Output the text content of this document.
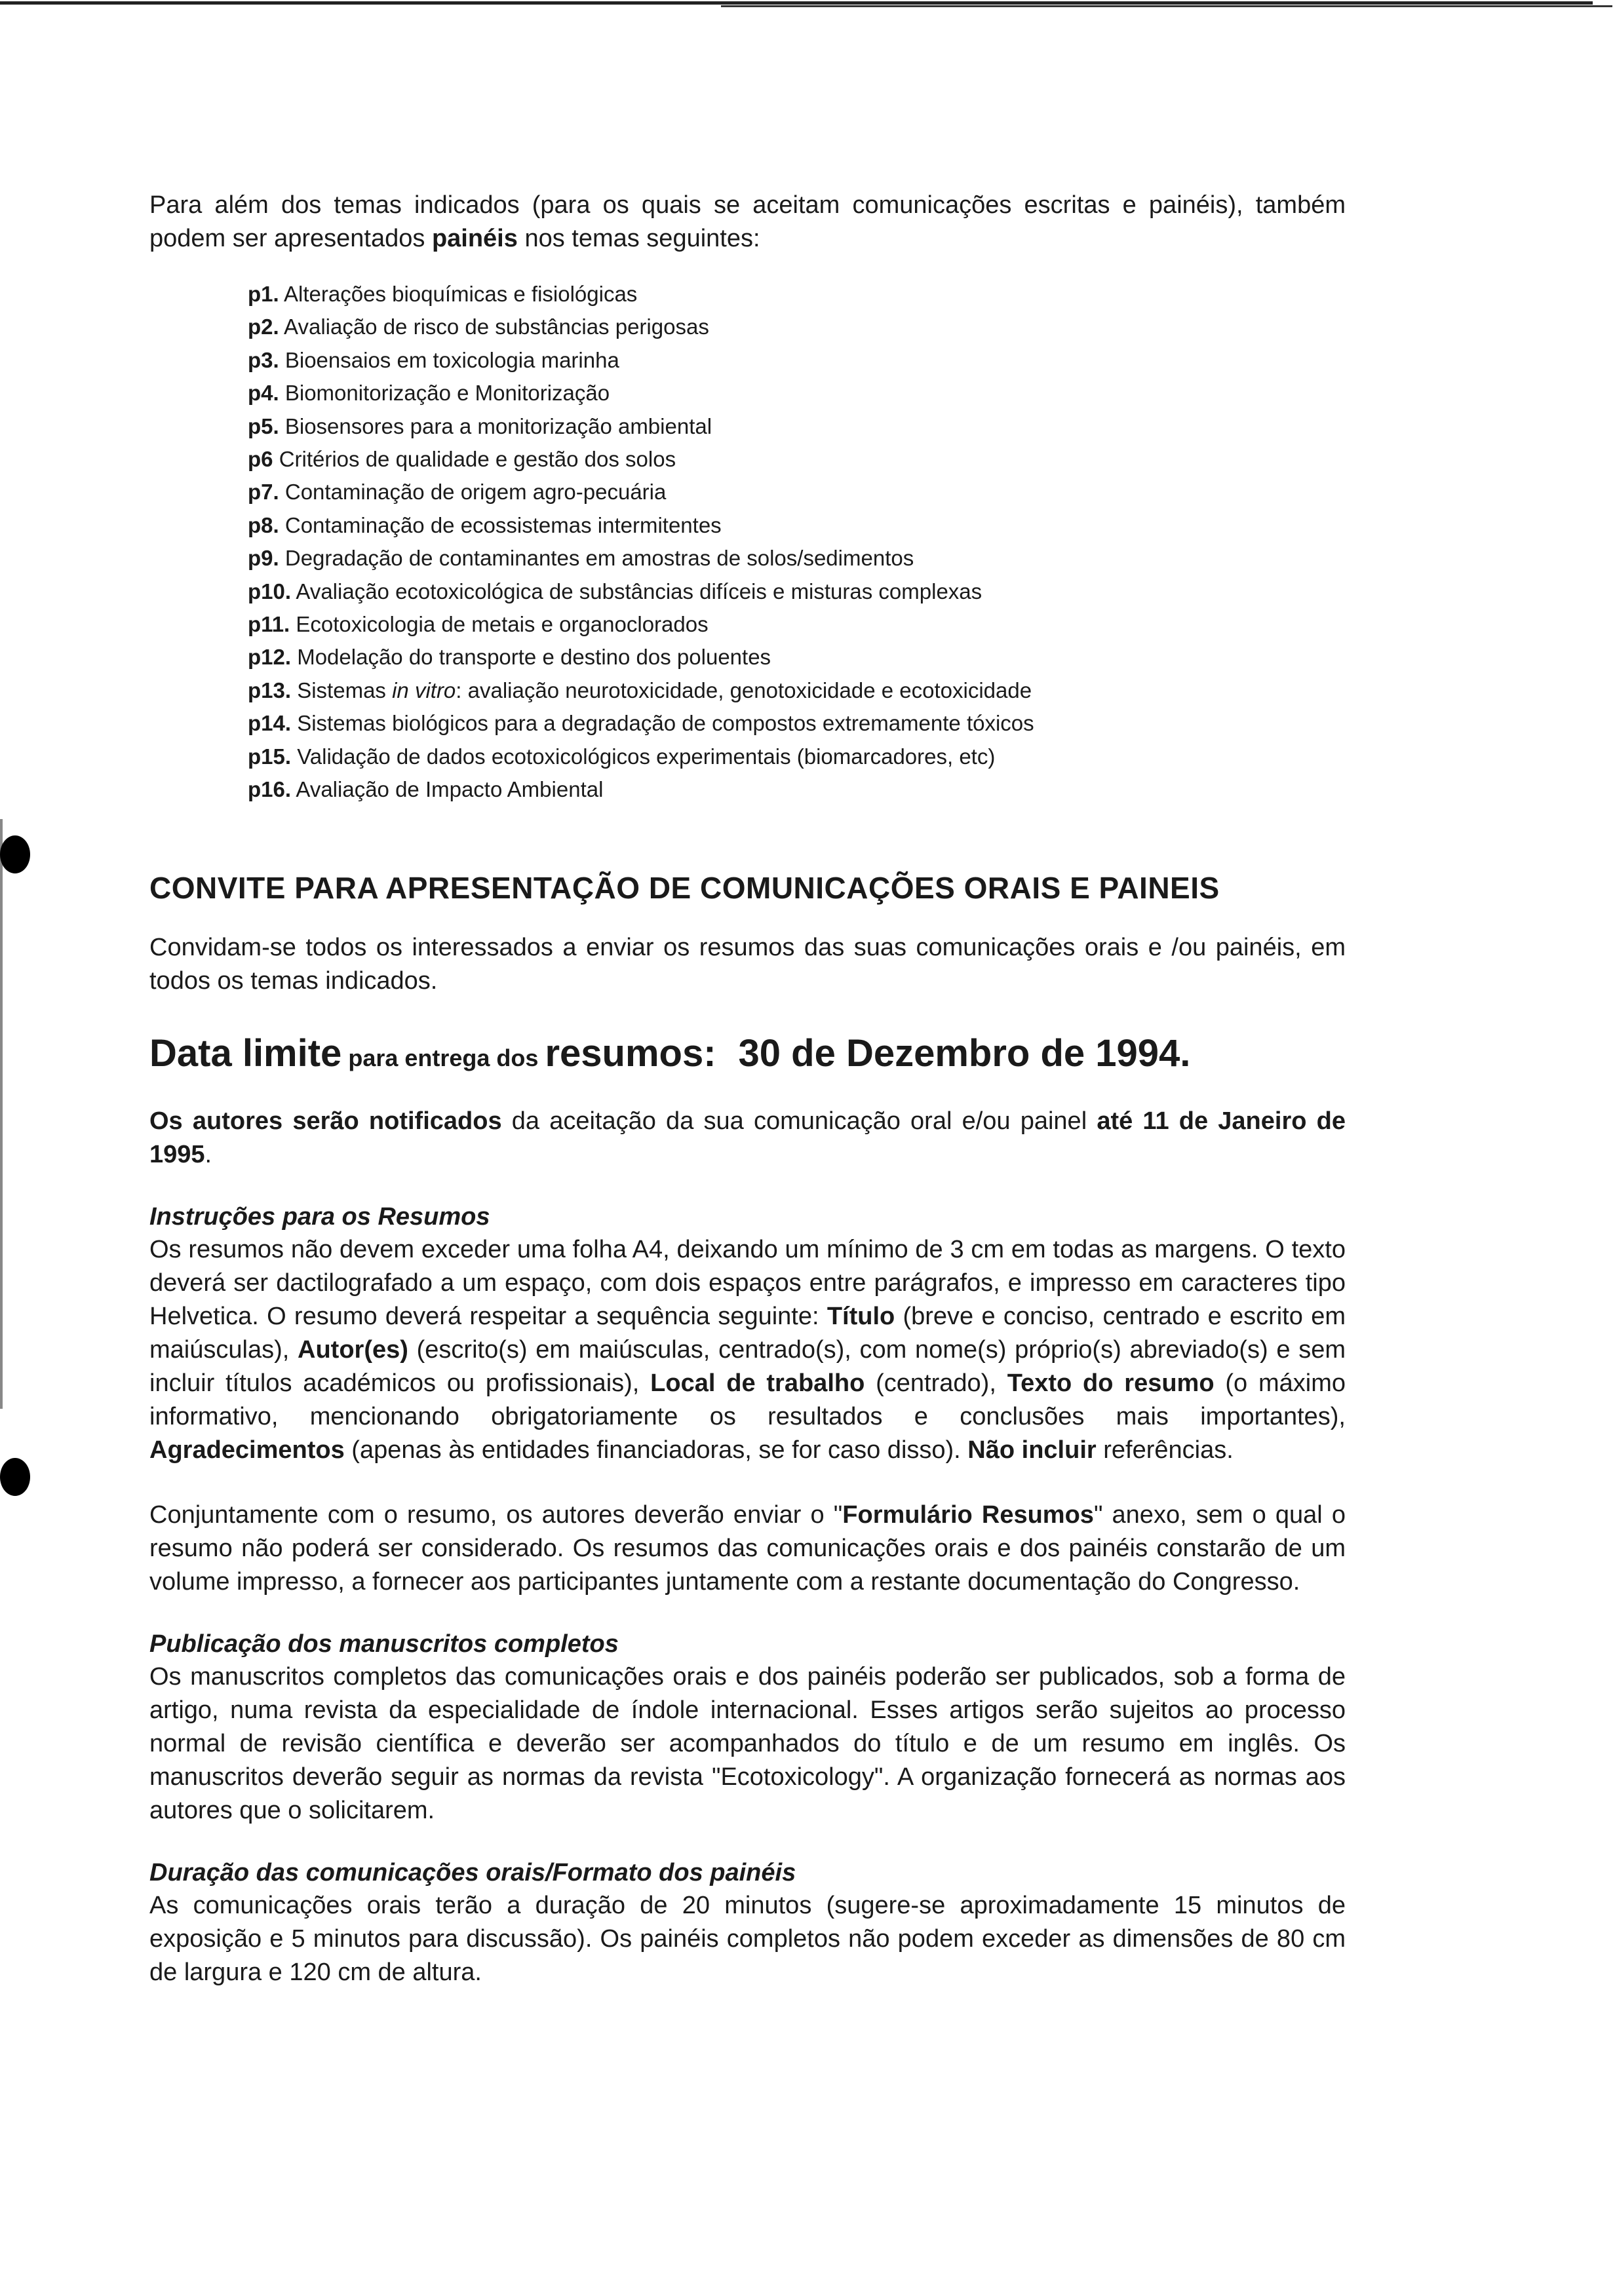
Para além dos temas indicados (para os quais se aceitam comunicações escritas e painéis), também podem ser apresentados painéis nos temas seguintes:

p1. Alterações bioquímicas e fisiológicas
p2. Avaliação de risco de substâncias perigosas
p3. Bioensaios em toxicologia marinha
p4. Biomonitorização e Monitorização
p5. Biosensores para a monitorização ambiental
p6 Critérios de qualidade e gestão dos solos
p7. Contaminação de origem agro-pecuária
p8. Contaminação de ecossistemas intermitentes
p9. Degradação de contaminantes em amostras de solos/sedimentos
p10. Avaliação ecotoxicológica de substâncias difíceis e misturas complexas
p11. Ecotoxicologia de metais e organoclorados
p12. Modelação do transporte e destino dos poluentes
p13. Sistemas in vitro: avaliação neurotoxicidade, genotoxicidade e ecotoxicidade
p14. Sistemas biológicos para a degradação de compostos extremamente tóxicos
p15. Validação de dados ecotoxicológicos experimentais (biomarcadores, etc)
p16. Avaliação de Impacto Ambiental

CONVITE PARA APRESENTAÇÃO DE COMUNICAÇÕES ORAIS E PAINEIS

Convidam-se todos os interessados a enviar os resumos das suas comunicações orais e /ou painéis, em todos os temas indicados.

Data limite para entrega dos resumos: 30 de Dezembro de 1994.

Os autores serão notificados da aceitação da sua comunicação oral e/ou painel até 11 de Janeiro de 1995.

Instruções para os Resumos

Os resumos não devem exceder uma folha A4, deixando um mínimo de 3 cm em todas as margens. O texto deverá ser dactilografado a um espaço, com dois espaços entre parágrafos, e impresso em caracteres tipo Helvetica. O resumo deverá respeitar a sequência seguinte: Título (breve e conciso, centrado e escrito em maiúsculas), Autor(es) (escrito(s) em maiúsculas, centrado(s), com nome(s) próprio(s) abreviado(s) e sem incluir títulos académicos ou profissionais), Local de trabalho (centrado), Texto do resumo (o máximo informativo, mencionando obrigatoriamente os resultados e conclusões mais importantes), Agradecimentos (apenas às entidades financiadoras, se for caso disso). Não incluir referências.

Conjuntamente com o resumo, os autores deverão enviar o "Formulário Resumos" anexo, sem o qual o resumo não poderá ser considerado. Os resumos das comunicações orais e dos painéis constarão de um volume impresso, a fornecer aos participantes juntamente com a restante documentação do Congresso.

Publicação dos manuscritos completos

Os manuscritos completos das comunicações orais e dos painéis poderão ser publicados, sob a forma de artigo, numa revista da especialidade de índole internacional. Esses artigos serão sujeitos ao processo normal de revisão científica e deverão ser acompanhados do título e de um resumo em inglês. Os manuscritos deverão seguir as normas da revista "Ecotoxicology". A organização fornecerá as normas aos autores que o solicitarem.

Duração das comunicações orais/Formato dos painéis

As comunicações orais terão a duração de 20 minutos (sugere-se aproximadamente 15 minutos de exposição e 5 minutos para discussão). Os painéis completos não podem exceder as dimensões de 80 cm de largura e 120 cm de altura.
